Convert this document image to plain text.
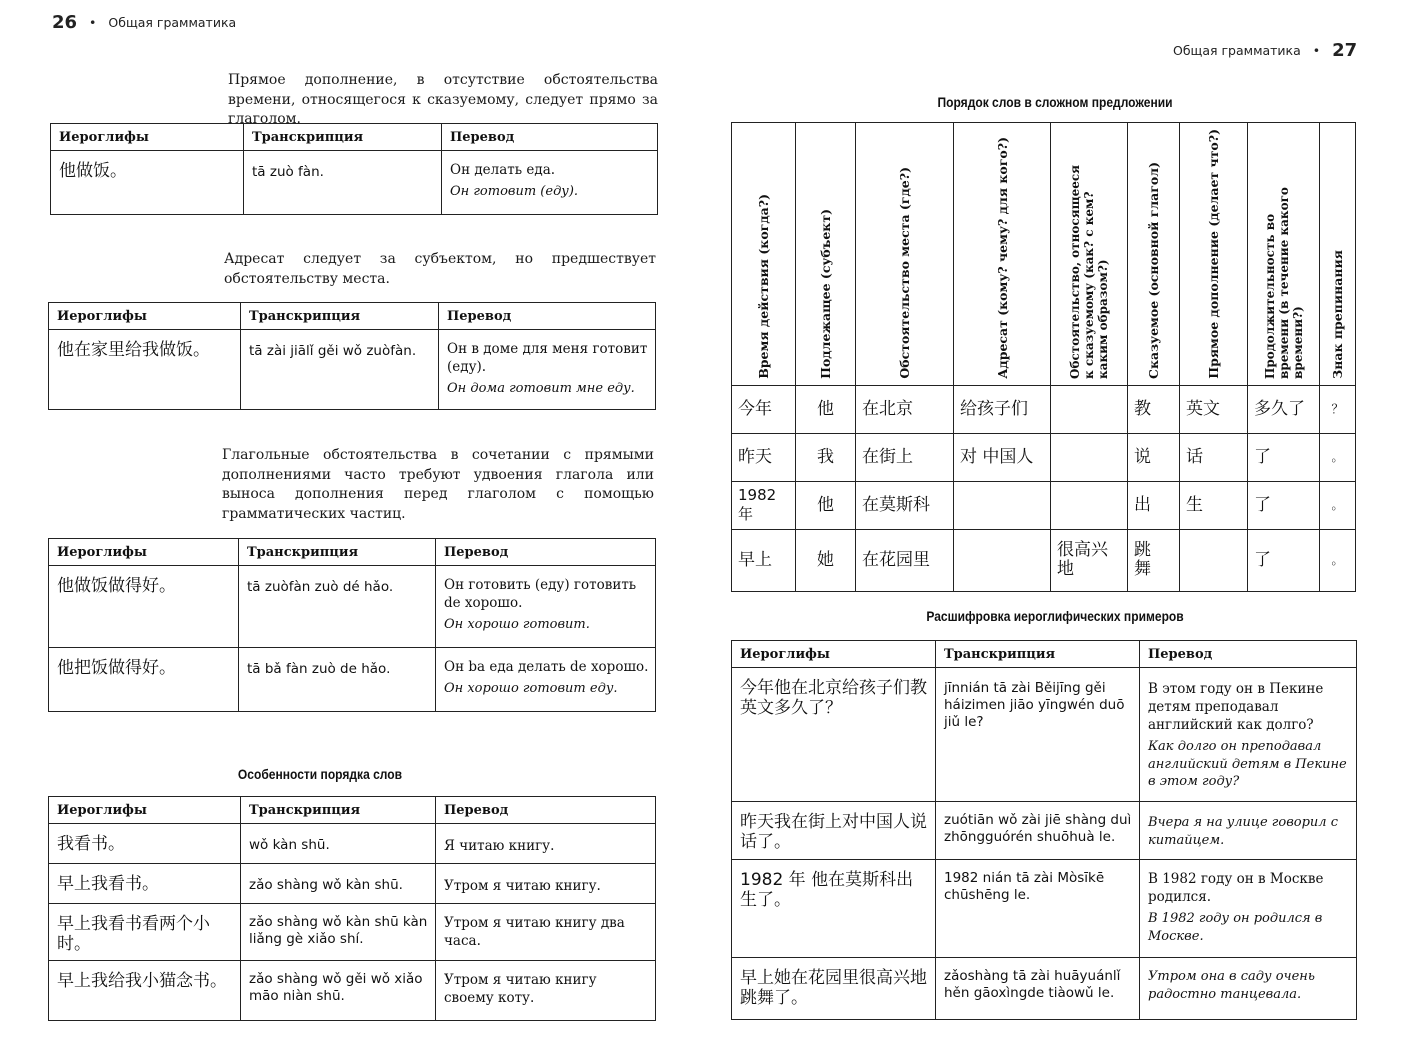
26 • Общая грамматика
Прямое дополнение, в отсутствие обстоятельства времени, относящегося к сказуемому, следует прямо за глаголом.
Иероглифы	Транскрипция	Перевод

他做饭。	tā zuò fàn.	Он делать еда.
Он готовит (еду).
Адресат следует за субъектом, но предшествует обстоятельству места.
Иероглифы	Транскрипция	Перевод

他在家里给我做饭。	tā zài jiālǐ gěi wǒ zuòfàn.	Он в доме для меня готовит (еду).
Он дома готовит мне еду.
Глагольные обстоятельства в сочетании с прямыми дополнениями часто требуют удвоения глагола или выноса дополнения перед глаголом с помощью грамматических частиц.
Иероглифы	Транскрипция	Перевод

他做饭做得好。	tā zuòfàn zuò dé hǎo.	Он готовить (еду) готовить de хорошо.
Он хорошо готовит.

他把饭做得好。	tā bǎ fàn zuò de hǎo.	Он ba еда делать de хорошо.
Он хорошо готовит еду.
Особенности порядка слов
Иероглифы	Транскрипция	Перевод

我看书。	wǒ kàn shū.	Я читаю книгу.

早上我看书。	zǎo shàng wǒ kàn shū.	Утром я читаю книгу.

早上我看书看两个小时。	zǎo shàng wǒ kàn shū kàn liǎng gè xiǎo shí.	Утром я читаю книгу два часа.

早上我给我小猫念书。	zǎo shàng wǒ gěi wǒ xiǎo māo niàn shū.	Утром я читаю книгу своему коту.
Общая грамматика • 27
Порядок слов в сложном предложении
Время действия (когда?)	Подлежащее (субъект)	Обстоятельство места (где?)	Адресат (кому? чему? для кого?)	Обстоятельство, относящееся к сказуемому (как? с кем? каким образом?)	Сказуемое (основной глагол)	Прямое дополнение (делает что?)	Продолжительность во времени (в течение какого времени?)	Знак препинания

今年	他	在北京	给孩子们		教	英文	多久了	？

昨天	我	在街上	对 中国人		说	话	了	。

1982年	他	在莫斯科			出	生	了	。

早上	她	在花园里		很高兴地	跳舞		了	。
Расшифровка иероглифических примеров
Иероглифы	Транскрипция	Перевод

今年他在北京给孩子们教英文多久了？	jīnnián tā zài Běijīng gěi háizimen jiāo yīngwén duō jiǔ le?	В этом году он в Пекине детям преподавал английский как долго?
Как долго он преподавал английский детям в Пекине в этом году?

昨天我在街上对中国人说话了。	zuótiān wǒ zài jiē shàng duì zhōngguórén shuōhuà le.	Вчера я на улице говорил с китайцем.

1982 年 他在莫斯科出生了。	1982 nián tā zài Mòsīkē chūshēng le.	В 1982 году он в Москве родился.
В 1982 году он родился в Москве.

早上她在花园里很高兴地跳舞了。	zǎoshàng tā zài huāyuánlǐ hěn gāoxìngde tiàowǔ le.	Утром она в саду очень радостно танцевала.
